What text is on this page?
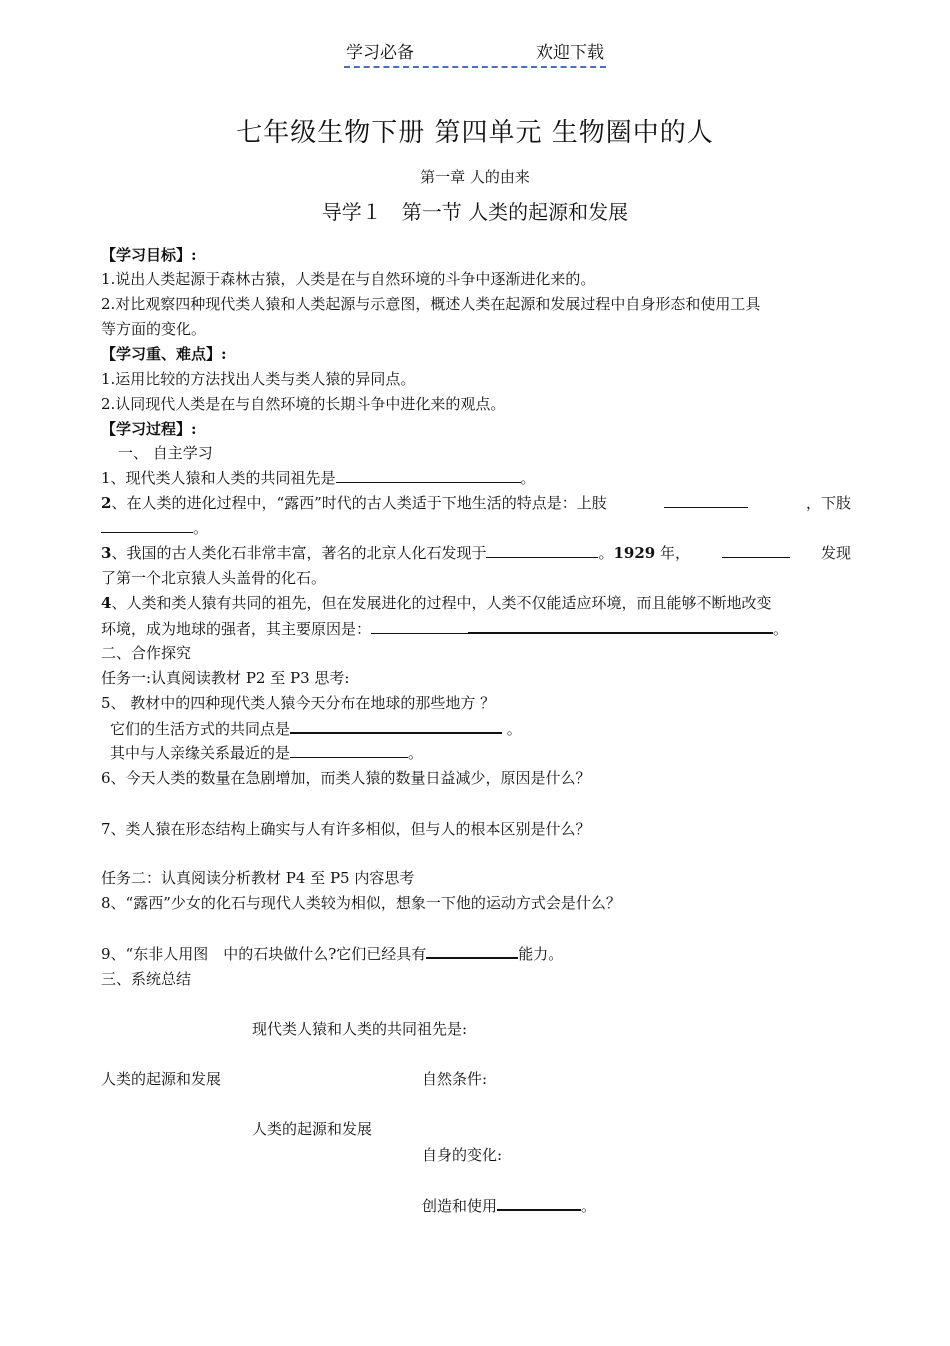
学习必备	欢迎下载
七年级生物下册 第四单元 生物圈中的人
第一章 人的由来
导学１　第一节 人类的起源和发展
【学习目标】:
1.说出人类起源于森林古猿，人类是在与自然环境的斗争中逐渐进化来的。
2.对比观察四种现代类人猿和人类起源与示意图，概述人类在起源和发展过程中自身形态和使用工具
等方面的变化。
【学习重、难点】:
1.运用比较的方法找出人类与类人猿的异同点。
2.认同现代人类是在与自然环境的长期斗争中进化来的观点。
【学习过程】:
一、 自主学习
1、现代类人猿和人类的共同祖先是	。
2、在人类的进化过程中，“露西”时代的古人类适于下地生活的特点是：上肢	，下肢
。
3、我国的古人类化石非常丰富，著名的北京人化石发现于	。1929 年，	发现
了第一个北京猿人头盖骨的化石。
4、人类和类人猿有共同的祖先，但在发展进化的过程中，人类不仅能适应环境，而且能够不断地改变
环境，成为地球的强者，其主要原因是：	。
二、合作探究
任务一:认真阅读教材 P2 至 P3 思考:
5、 教材中的四种现代类人猿今天分布在地球的那些地方 ？
它们的生活方式的共同点是	。
其中与人亲缘关系最近的是	。
6、今天人类的数量在急剧增加，而类人猿的数量日益减少，原因是什么？
7、类人猿在形态结构上确实与人有许多相似，但与人的根本区别是什么？
任务二：认真阅读分析教材 P4 至 P5 内容思考
8、“露西”少女的化石与现代人类较为相似，想象一下他的运动方式会是什么？
9、“东非人用图　中的石块做什么?它们已经具有	能力。
三、系统总结
现代类人猿和人类的共同祖先是:
人类的起源和发展	自然条件:
人类的起源和发展
自身的变化:
创造和使用	。
